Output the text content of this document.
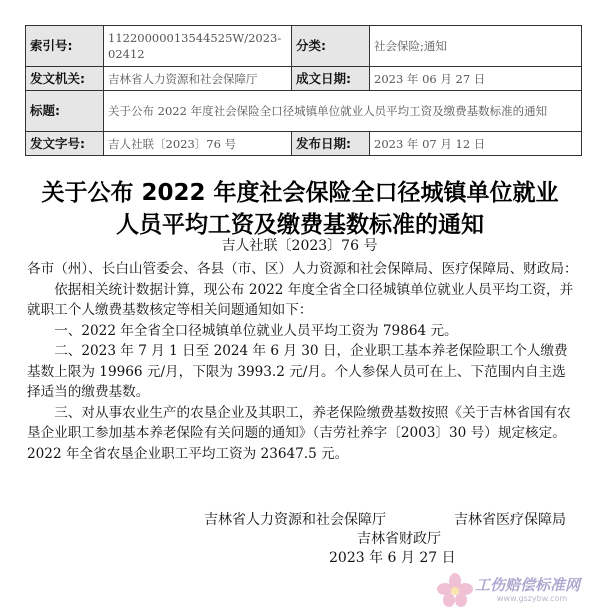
索引号:	11220000013544525W/2023-02412	分类:	社会保险;通知
发文机关:	吉林省人力资源和社会保障厅	成文日期:	2023 年 06 月 27 日
标题:	关于公布 2022 年度社会保险全口径城镇单位就业人员平均工资及缴费基数标准的通知		
发文字号:	吉人社联〔2023〕76 号	发布日期:	2023 年 07 月 12 日
关于公布 2022 年度社会保险全口径城镇单位就业
人员平均工资及缴费基数标准的通知
吉人社联〔2023〕76 号

各市（州）、长白山管委会、各县（市、区）人力资源和社会保障局、医疗保障局、财政局：

依据相关统计数据计算，现公布 2022 年度全省全口径城镇单位就业人员平均工资，并就职工个人缴费基数核定等相关问题通知如下：

一、2022 年全省全口径城镇单位就业人员平均工资为 79864 元。

二、2023 年 7 月 1 日至 2024 年 6 月 30 日，企业职工基本养老保险职工个人缴费基数上限为 19966 元/月，下限为 3993.2 元/月。个人参保人员可在上、下范围内自主选择适当的缴费基数。

三、对从事农业生产的农垦企业及其职工，养老保险缴费基数按照《关于吉林省国有农垦企业职工参加基本养老保险有关问题的通知》（吉劳社养字〔2003〕30 号）规定核定。2022 年全省农垦企业职工平均工资为 23647.5 元。

吉林省人力资源和社会保障厅	吉林省医疗保障局
吉林省财政厅
2023 年 6 月 27 日
工伤赔偿标准网
www.gszybw.com
